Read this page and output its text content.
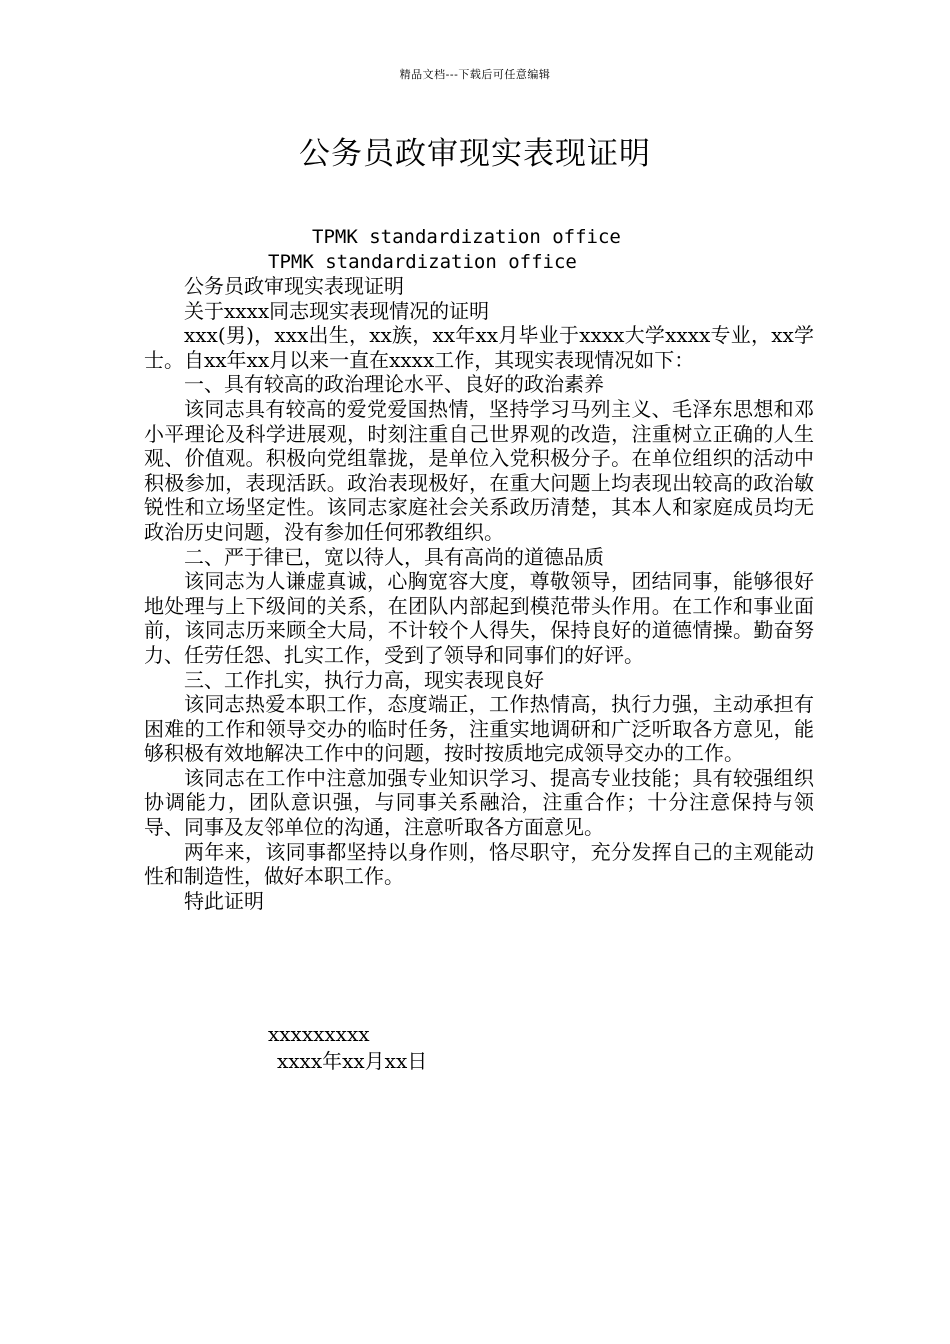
精品文档---下载后可任意编辑
公务员政审现实表现证明
TPMK standardization office
TPMK standardization office

公务员政审现实表现证明

关于xxxx同志现实表现情况的证明

xxx(男)，xxx出生，xx族，xx年xx月毕业于xxxx大学xxxx专业，xx学士。自xx年xx月以来一直在xxxx工作，其现实表现情况如下：

一、具有较高的政治理论水平、良好的政治素养

该同志具有较高的爱党爱国热情，坚持学习马列主义、毛泽东思想和邓小平理论及科学进展观，时刻注重自己世界观的改造，注重树立正确的人生观、价值观。积极向党组靠拢，是单位入党积极分子。在单位组织的活动中积极参加，表现活跃。政治表现极好，在重大问题上均表现出较高的政治敏锐性和立场坚定性。该同志家庭社会关系政历清楚，其本人和家庭成员均无政治历史问题，没有参加任何邪教组织。

二、严于律已，宽以待人，具有高尚的道德品质

该同志为人谦虚真诚，心胸宽容大度，尊敬领导，团结同事，能够很好地处理与上下级间的关系，在团队内部起到模范带头作用。在工作和事业面前，该同志历来顾全大局，不计较个人得失，保持良好的道德情操。勤奋努力、任劳任怨、扎实工作，受到了领导和同事们的好评。

三、工作扎实，执行力高，现实表现良好

该同志热爱本职工作，态度端正，工作热情高，执行力强，主动承担有困难的工作和领导交办的临时任务，注重实地调研和广泛听取各方意见，能够积极有效地解决工作中的问题，按时按质地完成领导交办的工作。

该同志在工作中注意加强专业知识学习、提高专业技能；具有较强组织协调能力，团队意识强，与同事关系融洽，注重合作；十分注意保持与领导、同事及友邻单位的沟通，注意听取各方面意见。

两年来，该同事都坚持以身作则，恪尽职守，充分发挥自己的主观能动性和制造性，做好本职工作。

特此证明

xxxxxxxxx
xxxx年xx月xx日
